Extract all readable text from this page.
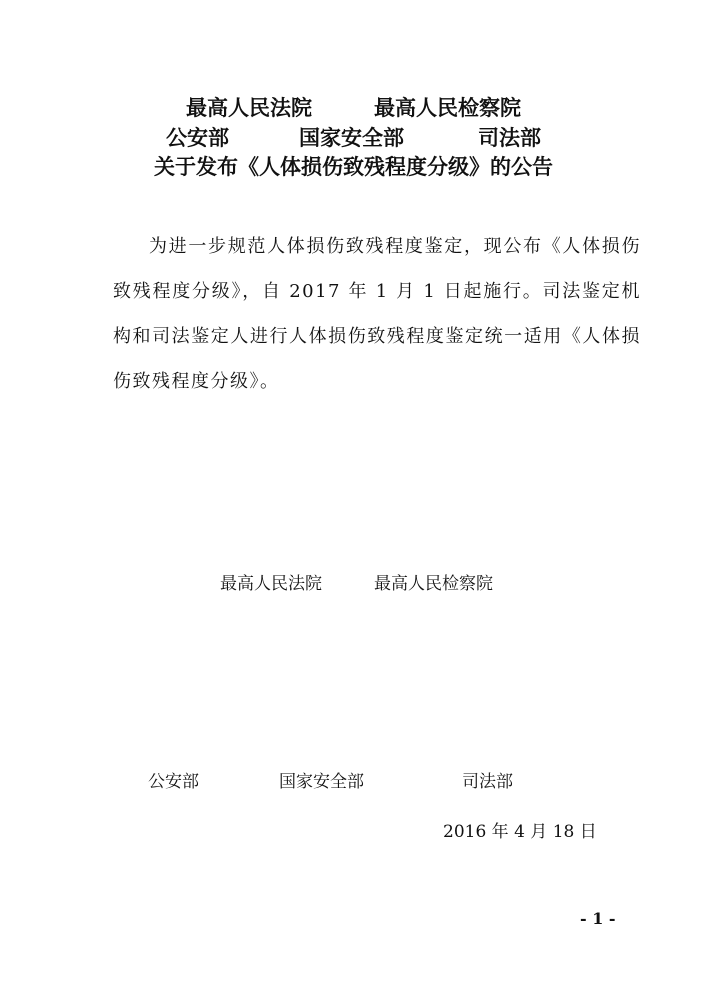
最高人民法院	最高人民检察院
公安部	国家安全部	司法部
关于发布《人体损伤致残程度分级》的公告

为进一步规范人体损伤致残程度鉴定，现公布《人体损伤致残程度分级》，自 2017 年 1 月 1 日起施行。司法鉴定机构和司法鉴定人进行人体损伤致残程度鉴定统一适用《人体损伤致残程度分级》。

最高人民法院	最高人民检察院
公安部	国家安全部	司法部
2016 年 4 月 18 日
- 1 -
